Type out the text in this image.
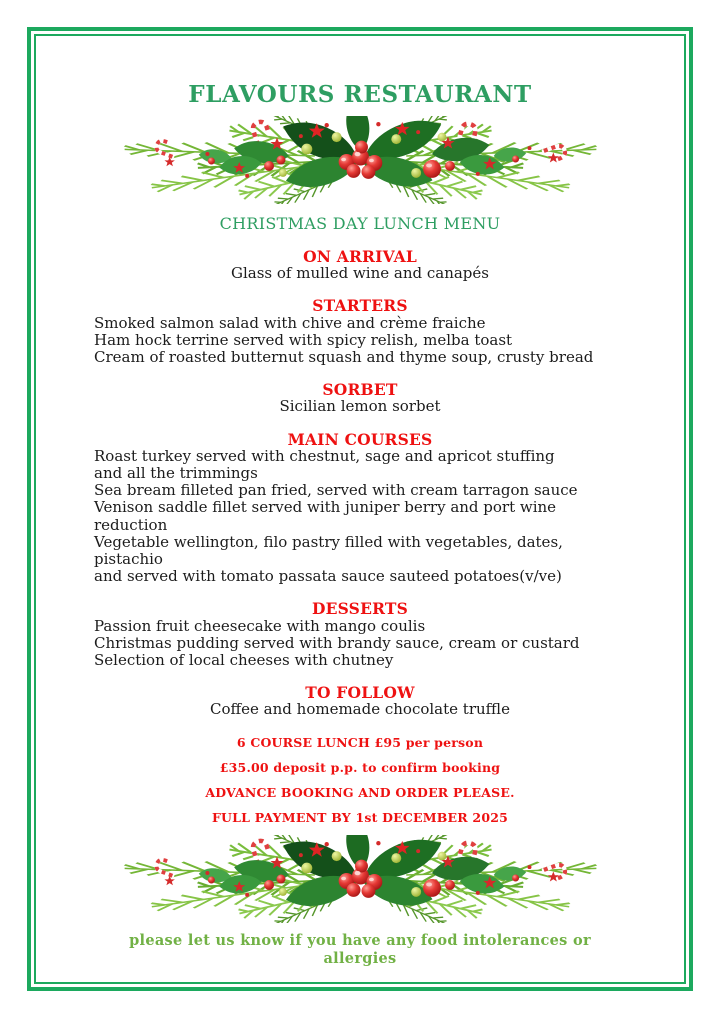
FLAVOURS RESTAURANT
CHRISTMAS DAY LUNCH MENU
ON ARRIVAL

Glass of mulled wine and canapés

STARTERS

Smoked salmon salad with chive and crème fraiche

Ham hock terrine served with spicy relish, melba toast

Cream of roasted butternut squash and thyme soup, crusty bread

SORBET

Sicilian lemon sorbet

MAIN COURSES

Roast turkey served with chestnut, sage and apricot stuffing

and all the trimmings

Sea bream filleted pan fried, served with cream tarragon sauce

Venison saddle fillet served with juniper berry and port wine reduction

Vegetable wellington, filo pastry filled with vegetables, dates, pistachio

and served with tomato passata sauce sauteed potatoes(v/ve)

DESSERTS

Passion fruit cheesecake with mango coulis

Christmas pudding served with brandy sauce, cream or custard

Selection of local cheeses with chutney

TO FOLLOW

Coffee and homemade chocolate truffle

6 COURSE LUNCH £95 per person

£35.00 deposit p.p. to confirm booking

ADVANCE BOOKING AND ORDER PLEASE.

FULL PAYMENT BY 1st DECEMBER 2025

please let us know if you have any food intolerances or allergies
